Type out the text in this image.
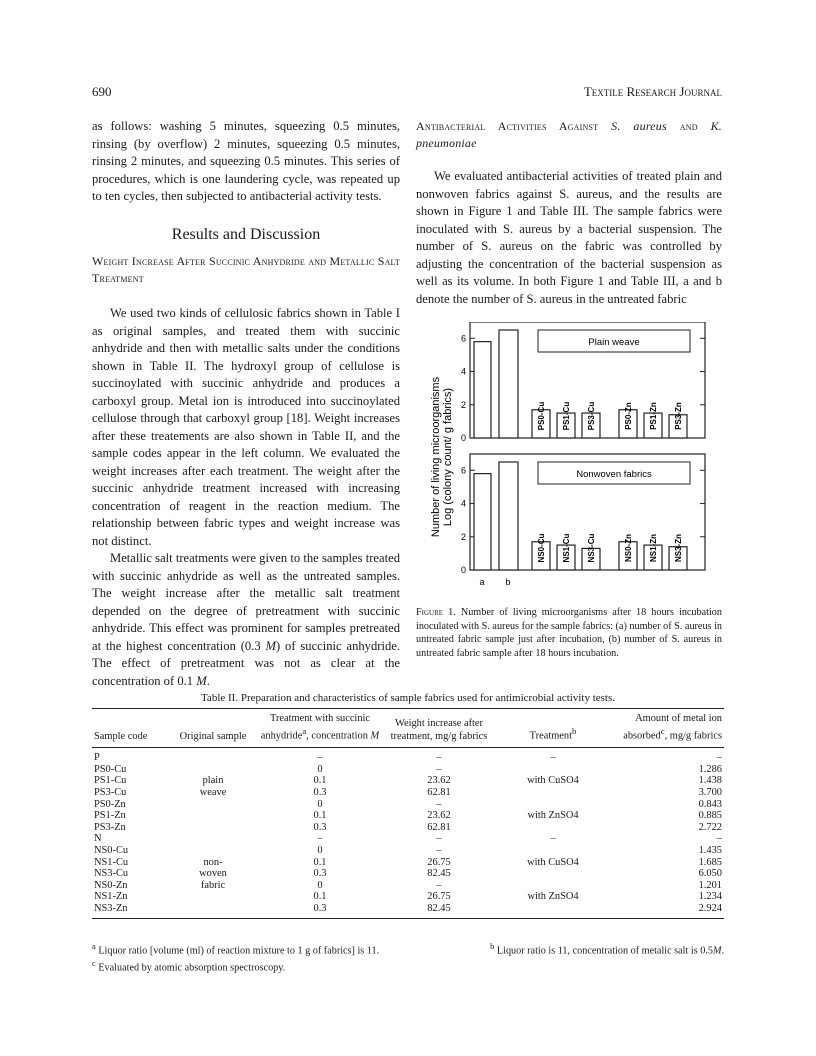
690	Textile Research Journal

as follows: washing 5 minutes, squeezing 0.5 minutes, rinsing (by overflow) 2 minutes, squeezing 0.5 minutes, rinsing 2 minutes, and squeezing 0.5 minutes. This series of procedures, which is one laundering cycle, was repeated up to ten cycles, then subjected to antibacterial activity tests.

Results and Discussion

Weight Increase After Succinic Anhydride and Metallic Salt Treatment

We used two kinds of cellulosic fabrics shown in Table I as original samples, and treated them with succinic anhydride and then with metallic salts under the conditions shown in Table II. The hydroxyl group of cellulose is succinoylated with succinic anhydride and produces a carboxyl group. Metal ion is introduced into succinoylated cellulose through that carboxyl group [18]. Weight increases after these treatements are also shown in Table II, and the sample codes appear in the left column. We evaluated the weight increases after each treatment. The weight after the succinic anhydride treatment increased with increasing concentration of reagent in the reaction medium. The relationship between fabric types and weight increase was not distinct.

Metallic salt treatments were given to the samples treated with succinic anhydride as well as the untreated samples. The weight increase after the metallic salt treatment depended on the degree of pretreatment with succinic anhydride. This effect was prominent for samples pretreated at the highest concentration (0.3 M) of succinic anhydride. The effect of pretreatment was not as clear at the concentration of 0.1 M.

Antibacterial Activities Against S. aureus and K. pneumoniae

We evaluated antibacterial activities of treated plain and nonwoven fabrics against S. aureus, and the results are shown in Figure 1 and Table III. The sample fabrics were inoculated with S. aureus by a bacterial suspension. The number of S. aureus on the fabric was controlled by adjusting the concentration of the bacterial suspension as well as its volume. In both Figure 1 and Table III, a and b denote the number of S. aureus in the untreated fabric

Number of living microorganisms Log (colony count/ g fabrics) 0
2
4
6	Plain weave
PS0-Cu PS1-Cu PS3-Cu	PS0-Zn PS1-Zn PS3-Zn
0
2
4
6	Nonwoven fabrics
NS0-Cu NS1-Cu NS3-Cu	NS0-Zn NS1-Zn NS3-Zn
a b
Figure 1. Number of living microorganisms after 18 hours incubation inoculated with S. aureus for the sample fabrics: (a) number of S. aureus in untreated fabric sample just after incubation, (b) number of S. aureus in untreated fabric sample after 18 hours incubation.
Table II. Preparation and characteristics of sample fabrics used for antimicrobial activity tests.
Sample code	Original sample	Treatment with succinic anhydride$^a$, concentration M	Weight increase after treatment, mg/g fabrics	Treatment$^b$	Amount of metal ion absorbed$^c$, mg/g fabrics
P		–	–	–	–
PS0-Cu		0	–		1.286
PS1-Cu	plain	0.1	23.62	with CuSO4	1.438
PS3-Cu	weave	0.3	62.81		3.700
PS0-Zn		0	–		0.843
PS1-Zn		0.1	23.62	with ZnSO4	0.885
PS3-Zn		0.3	62.81		2.722
N		–	–	–	–
NS0-Cu		0	–		1.435
NS1-Cu	non-	0.1	26.75	with CuSO4	1.685
NS3-Cu	woven	0.3	82.45		6.050
NS0-Zn	fabric	0	–		1.201
NS1-Zn		0.1	26.75	with ZnSO4	1.234
NS3-Zn		0.3	82.45		2.924
$^a$ Liquor ratio [volume (ml) of reaction mixture to 1 g of fabrics] is 11.	$^b$ Liquor ratio is 11, concentration of metalic salt is 0.5M.
$^c$ Evaluated by atomic absorption spectroscopy.
